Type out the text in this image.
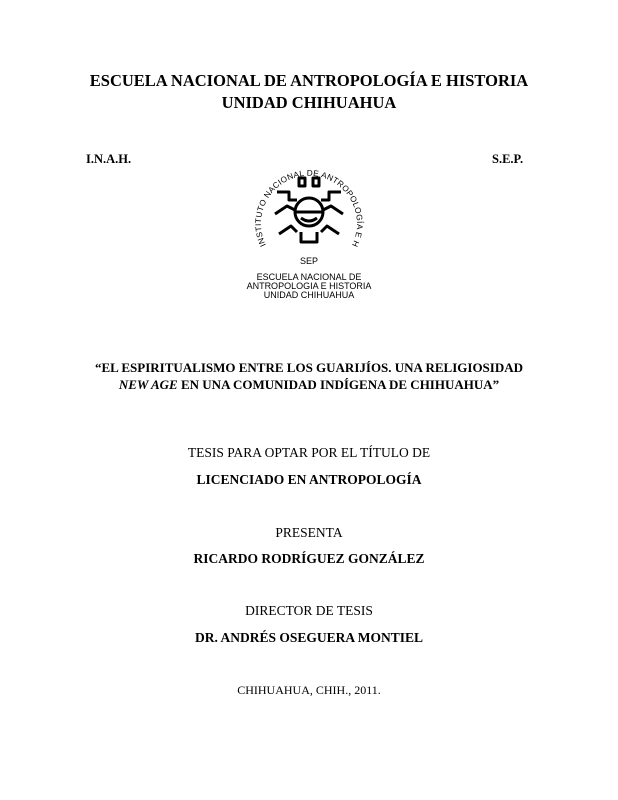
ESCUELA NACIONAL DE ANTROPOLOGÍA E HISTORIA
UNIDAD CHIHUAHUA
I.N.A.H.	S.E.P.
INSTITUTO NACIONAL DE ANTROPOLOGÍA E H
SEP
ESCUELA NACIONAL DE
ANTROPOLOGIA E HISTORIA
UNIDAD CHIHUAHUA
“EL ESPIRITUALISMO ENTRE LOS GUARIJÍOS. UNA RELIGIOSIDAD NEW AGE EN UNA COMUNIDAD INDÍGENA DE CHIHUAHUA”
TESIS PARA OPTAR POR EL TÍTULO DE
LICENCIADO EN ANTROPOLOGÍA
PRESENTA
RICARDO RODRÍGUEZ GONZÁLEZ
DIRECTOR DE TESIS
DR. ANDRÉS OSEGUERA MONTIEL
CHIHUAHUA, CHIH., 2011.
